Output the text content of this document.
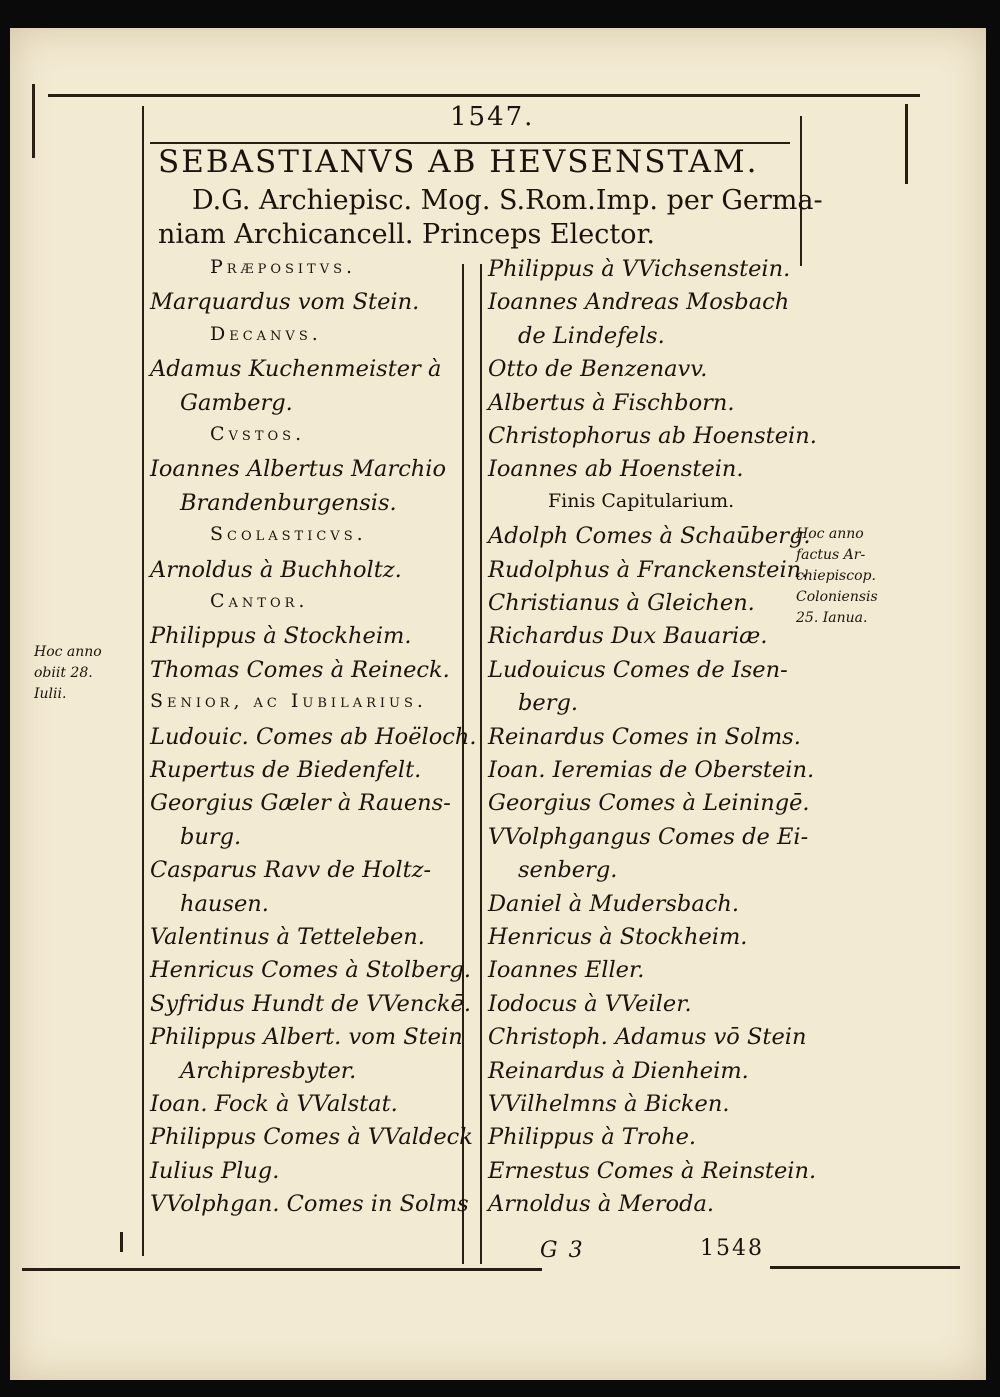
1547.
SEBASTIANVS AB HEVSENSTAM.
D.G. Archiepisc. Mog. S.Rom.Imp. per Germa-
niam Archicancell. Princeps Elector.
Præpositvs.
Marquardus vom Stein.
Decanvs.
Adamus Kuchenmeister à
Gamberg.
Cvstos.
Ioannes Albertus Marchio
Brandenburgensis.
Scolasticvs.
Arnoldus à Buchholtz.
Cantor.
Philippus à Stockheim.
Thomas Comes à Reineck.
Senior, ac Iubilarius.
Ludouic. Comes ab Hoëloch.
Rupertus de Biedenfelt.
Georgius Gæler à Rauens-
burg.
Casparus Ravv de Holtz-
hausen.
Valentinus à Tetteleben.
Henricus Comes à Stolberg.
Syfridus Hundt de VVenckē.
Philippus Albert. vom Stein
Archipresbyter.
Ioan. Fock à VValstat.
Philippus Comes à VValdeck
Iulius Plug.
VVolphgan. Comes in Solms
Philippus à VVichsenstein.
Ioannes Andreas Mosbach
de Lindefels.
Otto de Benzenavv.
Albertus à Fischborn.
Christophorus ab Hoenstein.
Ioannes ab Hoenstein.
Finis Capitularium.
Adolph Comes à Schaūberg.
Rudolphus à Franckenstein.
Christianus à Gleichen.
Richardus Dux Bauariæ.
Ludouicus Comes de Isen-
berg.
Reinardus Comes in Solms.
Ioan. Ieremias de Oberstein.
Georgius Comes à Leiningē.
VVolphgangus Comes de Ei-
senberg.
Daniel à Mudersbach.
Henricus à Stockheim.
Ioannes Eller.
Iodocus à VVeiler.
Christoph. Adamus vō Stein
Reinardus à Dienheim.
VVilhelmns à Bicken.
Philippus à Trohe.
Ernestus Comes à Reinstein.
Arnoldus à Meroda.
Hoc anno
obiit 28.
Iulii.
Hoc anno
factus Ar-
chiepiscop.
Coloniensis
25. Ianua.
G 3	1548
